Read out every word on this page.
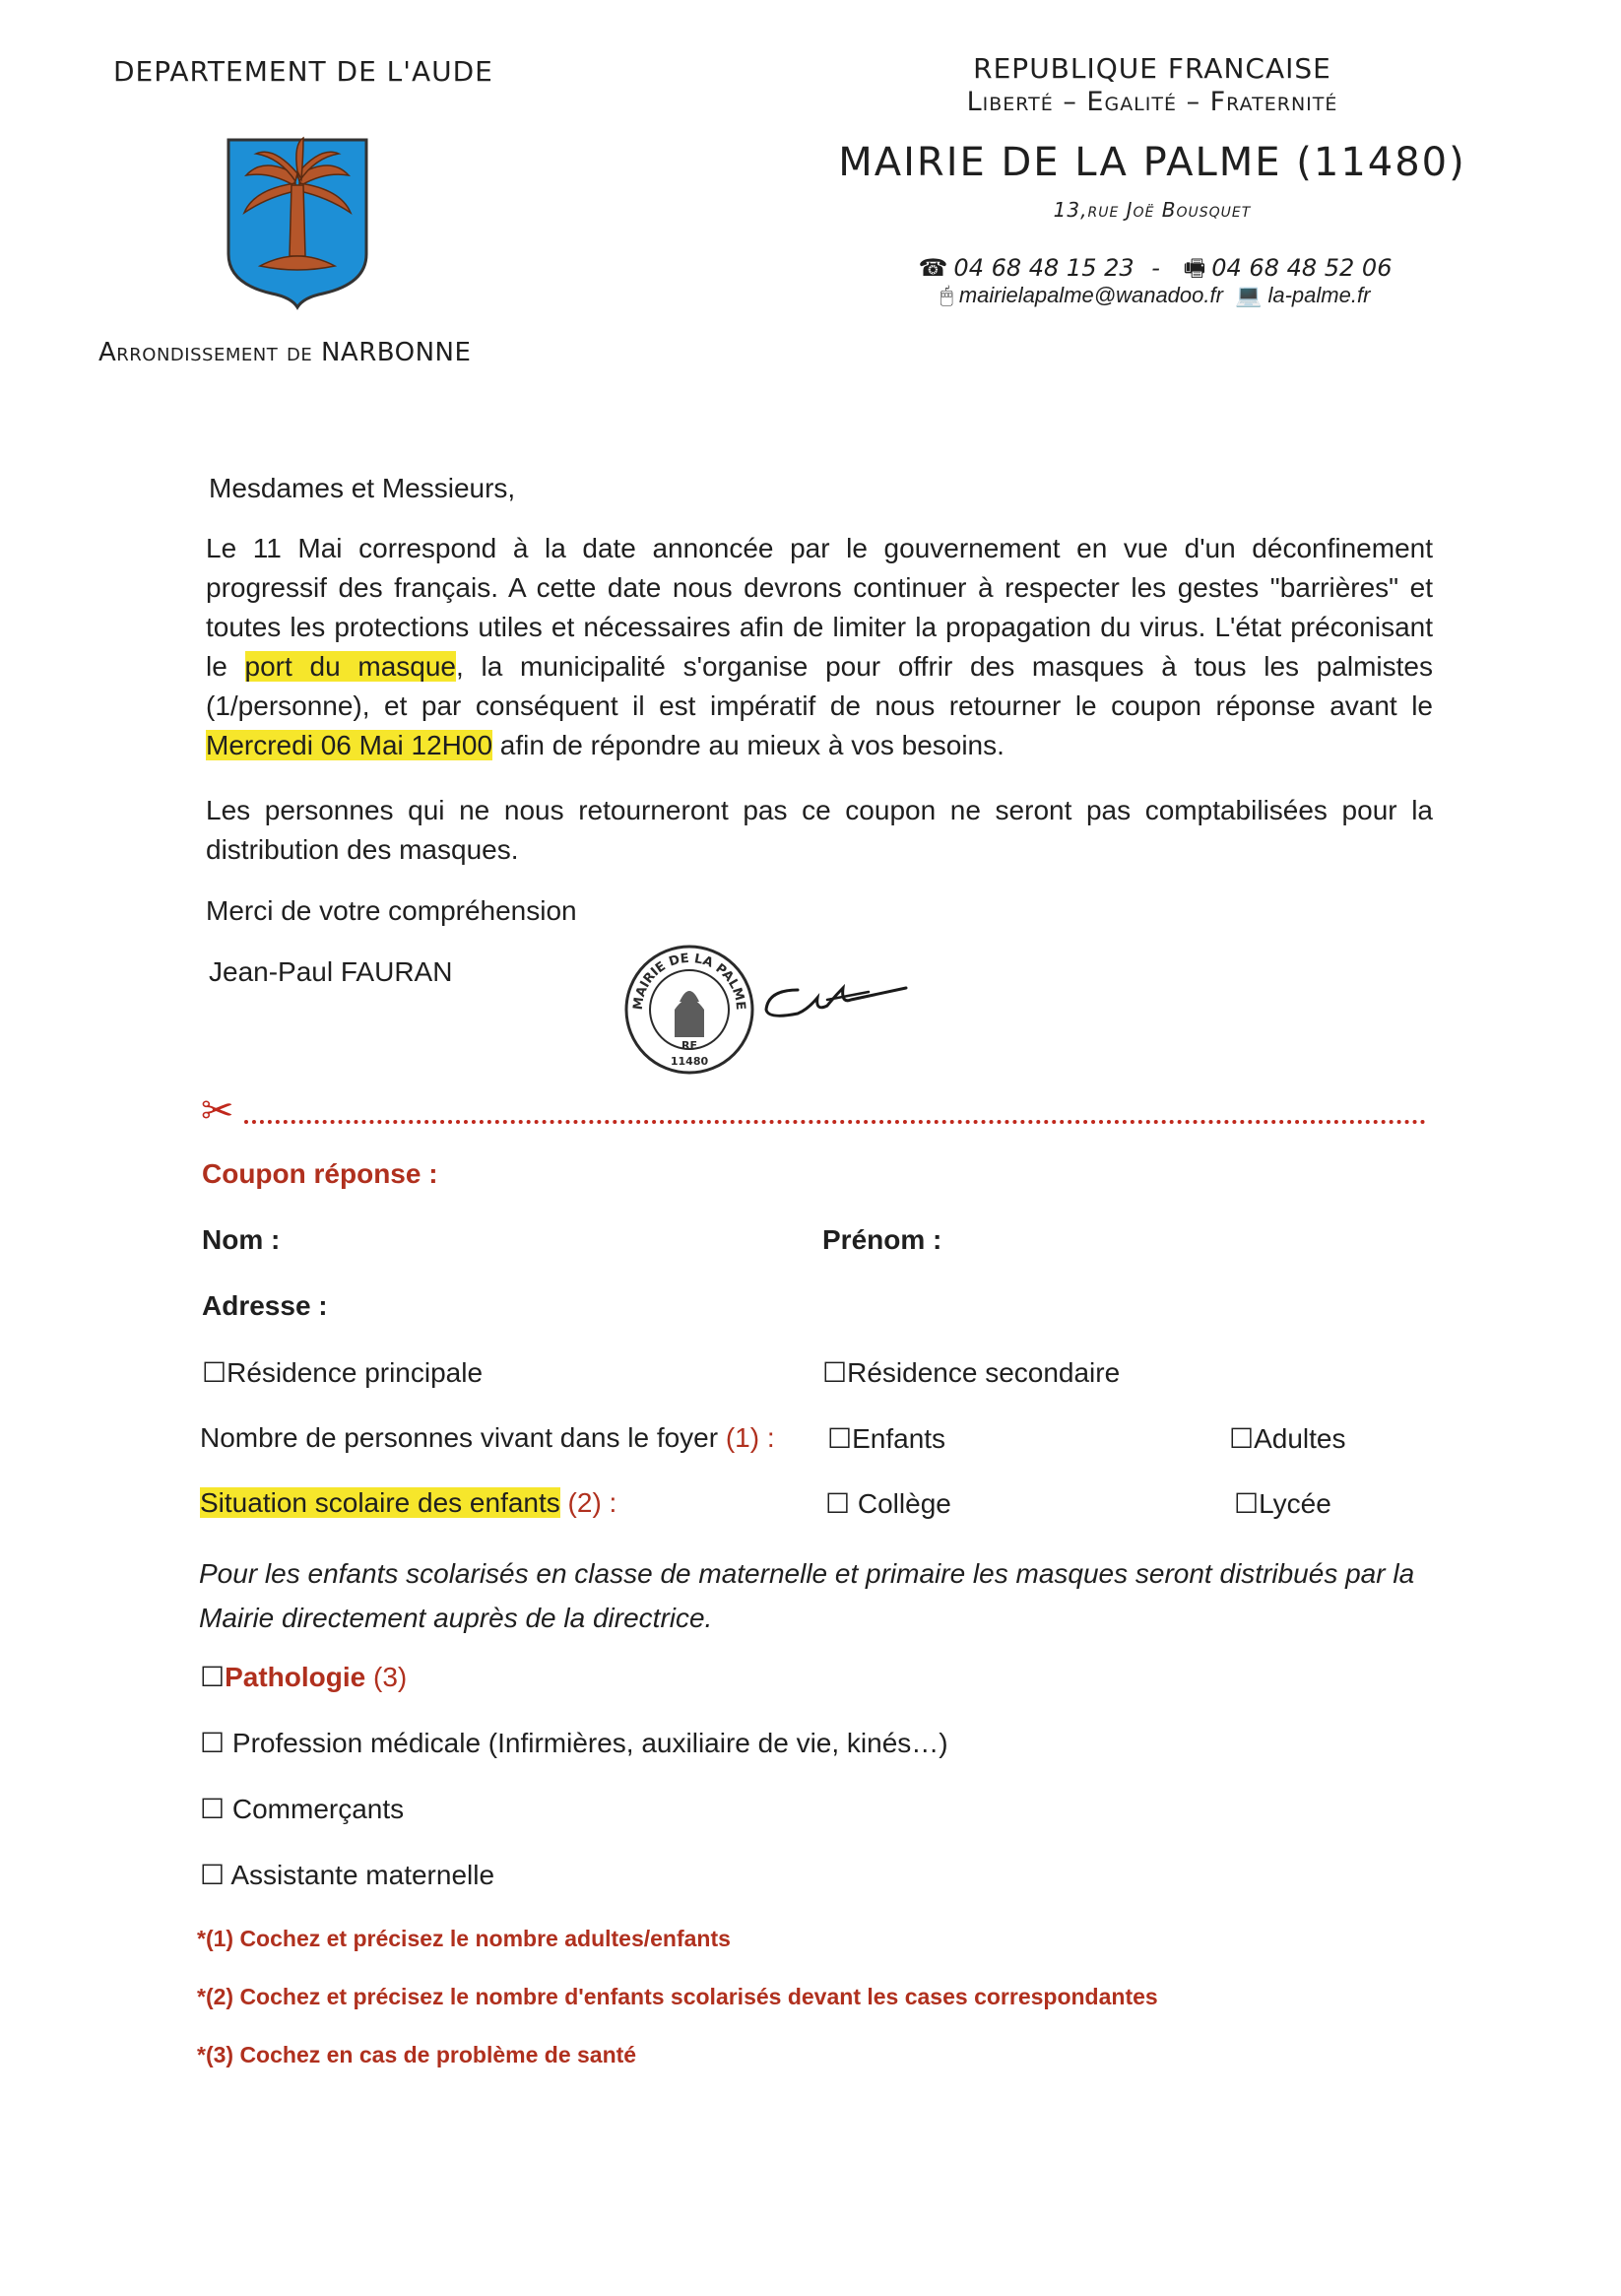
DEPARTEMENT DE L'AUDE
Arrondissement de NARBONNE
REPUBLIQUE FRANCAISE
Liberté – Egalité – Fraternité
MAIRIE DE LA PALME (11480)
13,rue Joë Bousquet
☎ 04 68 48 15 23 - 🖷 04 68 48 52 06
🖱 mairielapalme@wanadoo.fr 💻 la-palme.fr
Mesdames et Messieurs,
Le 11 Mai correspond à la date annoncée par le gouvernement en vue d'un déconfinement progressif des français. A cette date nous devrons continuer à respecter les gestes "barrières" et toutes les protections utiles et nécessaires afin de limiter la propagation du virus. L'état préconisant le port du masque, la municipalité s'organise pour offrir des masques à tous les palmistes (1/personne), et par conséquent il est impératif de nous retourner le coupon réponse avant le Mercredi 06 Mai 12H00 afin de répondre au mieux à vos besoins.
Les personnes qui ne nous retourneront pas ce coupon ne seront pas comptabilisées pour la distribution des masques.
Merci de votre compréhension
Jean-Paul FAURAN
MAIRIE DE LA PALME
RF
11480
✂
Coupon réponse :
Nom :	Prénom :
Adresse :
☐Résidence principale	☐Résidence secondaire
Nombre de personnes vivant dans le foyer (1) : ☐Enfants	☐Adultes
Situation scolaire des enfants (2) :	☐ Collège	☐Lycée
Pour les enfants scolarisés en classe de maternelle et primaire les masques seront distribués par la Mairie directement auprès de la directrice.
☐Pathologie (3)
☐ Profession médicale (Infirmières, auxiliaire de vie, kinés…)
☐ Commerçants
☐ Assistante maternelle
*(1) Cochez et précisez le nombre adultes/enfants
*(2) Cochez et précisez le nombre d'enfants scolarisés devant les cases correspondantes
*(3) Cochez en cas de problème de santé
